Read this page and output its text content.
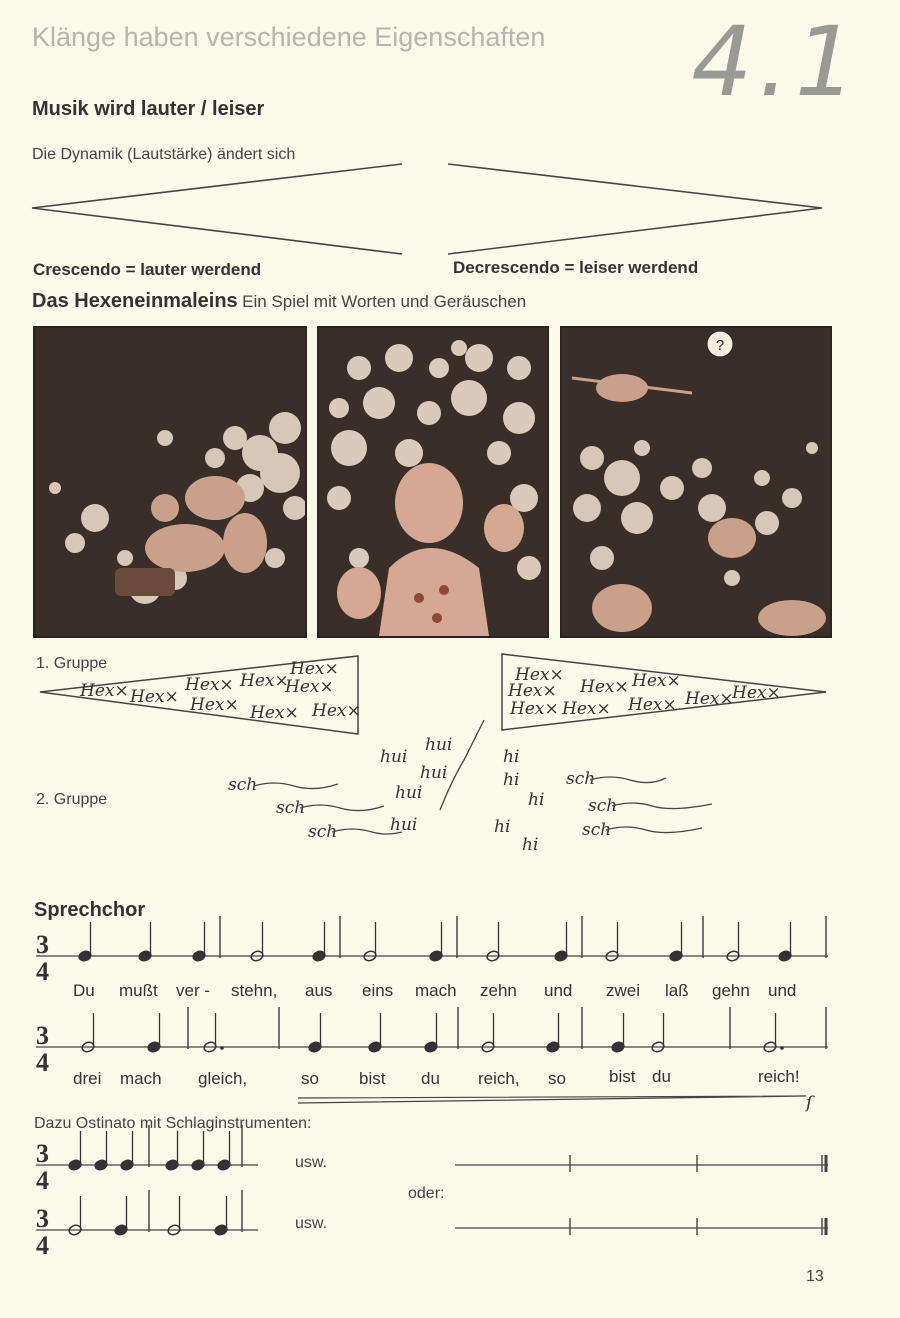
Klänge haben verschiedene Eigenschaften 4.1
Musik wird lauter / leiser
Die Dynamik (Lautstärke) ändert sich
Crescendo = lauter werdend	Decrescendo = leiser werdend
Das Hexeneinmaleins Ein Spiel mit Worten und Geräuschen
?
1. Gruppe
2. Gruppe
Hex× Hex×
Hex×
Hex×
Hex×
Hex×
Hex×
Hex×
Hex×
Hex×
Hex×
Hex×
Hex×
Hex×
Hex×
Hex× Hex×
Hex×
sch
sch
sch
sch
sch
sch
hui
hui
hui
hui
hui
hi
hi
hi
hi
hi
Sprechchor
3
4
3
4
3
4
3
4
ſ
Du mußt ver - stehn, aus eins mach zehn und zwei laß gehn und
drei mach gleich,	so bist du reich, so	bist du	reich!
Dazu Ostinato mit Schlaginstrumenten:
usw.
usw.
oder:
13
